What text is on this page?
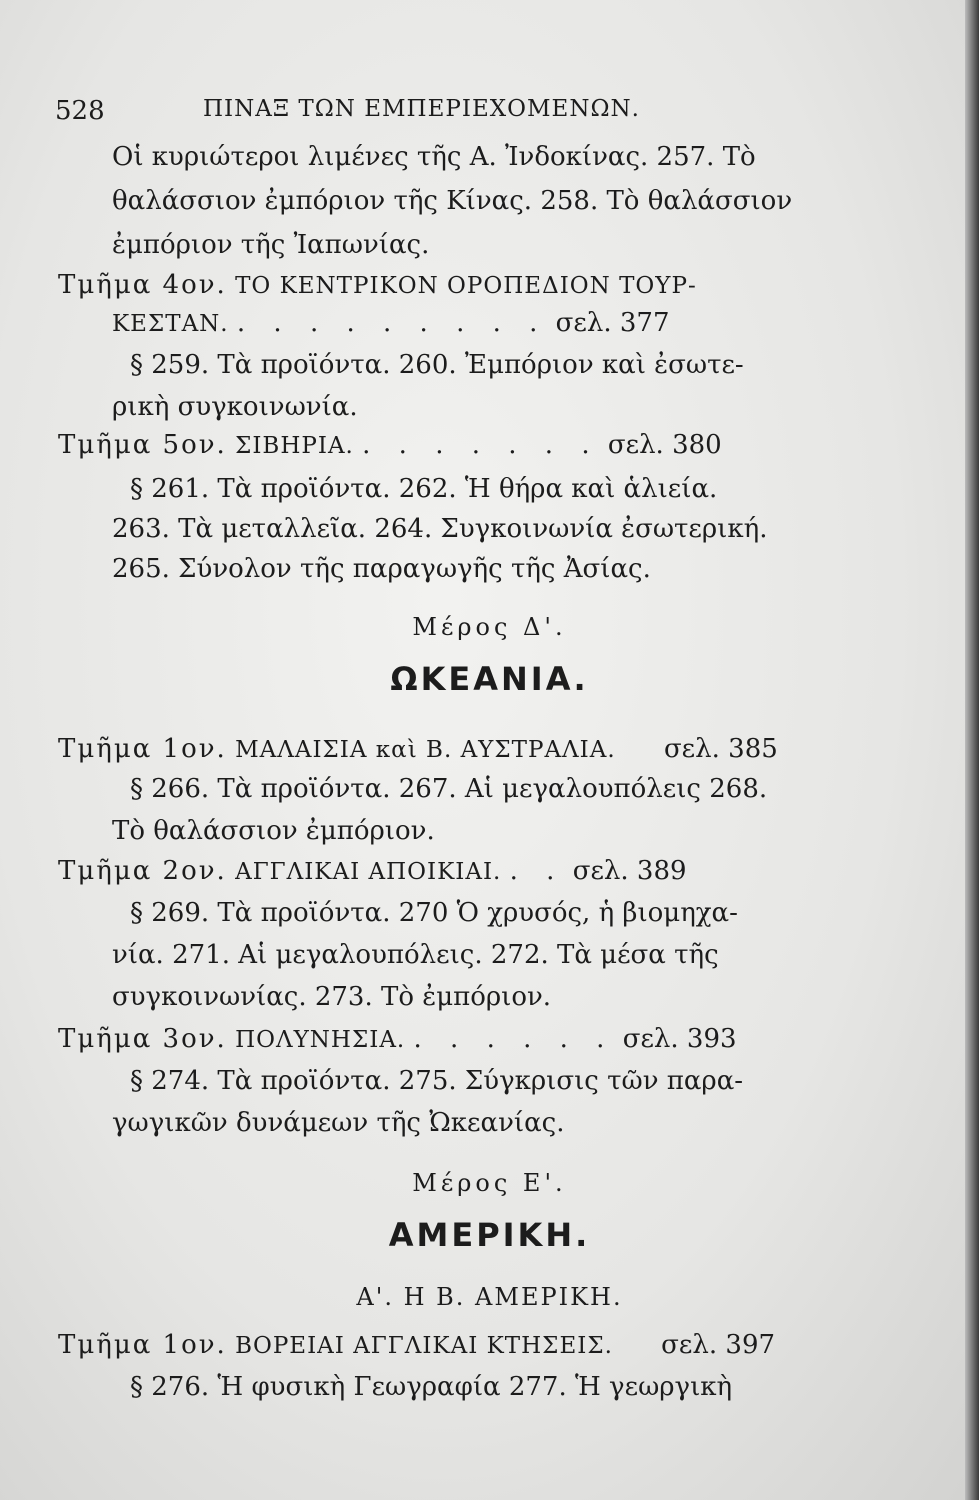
528	ΠΙΝΑΞ ΤΩΝ ΕΜΠΕΡΙΕΧΟΜΕΝΩΝ.
Οἱ κυριώτεροι λιμένες τῆς Α. Ἰνδοκίνας. 257. Τὸ
θαλάσσιον ἐμπόριον τῆς Κίνας. 258. Τὸ θαλάσσιον
ἐμπόριον τῆς Ἰαπωνίας.
Τμῆμα 4ον. ΤΟ ΚΕΝΤΡΙΚΟΝ ΟΡΟΠΕΔΙΟΝ ΤΟΥΡ-
ΚΕΣΤΑΝ. . . . . . . . . . σελ. 377
§ 259. Τὰ προϊόντα. 260. Ἐμπόριον καὶ ἐσωτε-
ρικὴ συγκοινωνία.
Τμῆμα 5ον. ΣΙΒΗΡΙΑ. . . . . . . . σελ. 380
§ 261. Τὰ προϊόντα. 262. Ἡ θήρα καὶ ἁλιεία.
263. Τὰ μεταλλεῖα. 264. Συγκοινωνία ἐσωτερική.
265. Σύνολον τῆς παραγωγῆς τῆς Ἀσίας.
Μέρος Δ'.
ΩΚΕΑΝΙΑ.
Τμῆμα 1ον. ΜΑΛΑΙΣΙΑ καὶ Β. ΑΥΣΤΡΑΛΙΑ. σελ. 385
§ 266. Τὰ προϊόντα. 267. Αἱ μεγαλουπόλεις 268.
Τὸ θαλάσσιον ἐμπόριον.
Τμῆμα 2ον. ΑΓΓΛΙΚΑΙ ΑΠΟΙΚΙΑΙ. . . σελ. 389
§ 269. Τὰ προϊόντα. 270 Ὁ χρυσός, ἡ βιομηχα-
νία. 271. Αἱ μεγαλουπόλεις. 272. Τὰ μέσα τῆς
συγκοινωνίας. 273. Τὸ ἐμπόριον.
Τμῆμα 3ον. ΠΟΛΥΝΗΣΙΑ. . . . . . . σελ. 393
§ 274. Τὰ προϊόντα. 275. Σύγκρισις τῶν παρα-
γωγικῶν δυνάμεων τῆς Ὠκεανίας.
Μέρος Ε'.
ΑΜΕΡΙΚΗ.
Α'. Η Β. ΑΜΕΡΙΚΗ.
Τμῆμα 1ον. ΒΟΡΕΙΑΙ ΑΓΓΛΙΚΑΙ ΚΤΗΣΕΙΣ. σελ. 397
§ 276. Ἡ φυσικὴ Γεωγραφία 277. Ἡ γεωργικὴ
